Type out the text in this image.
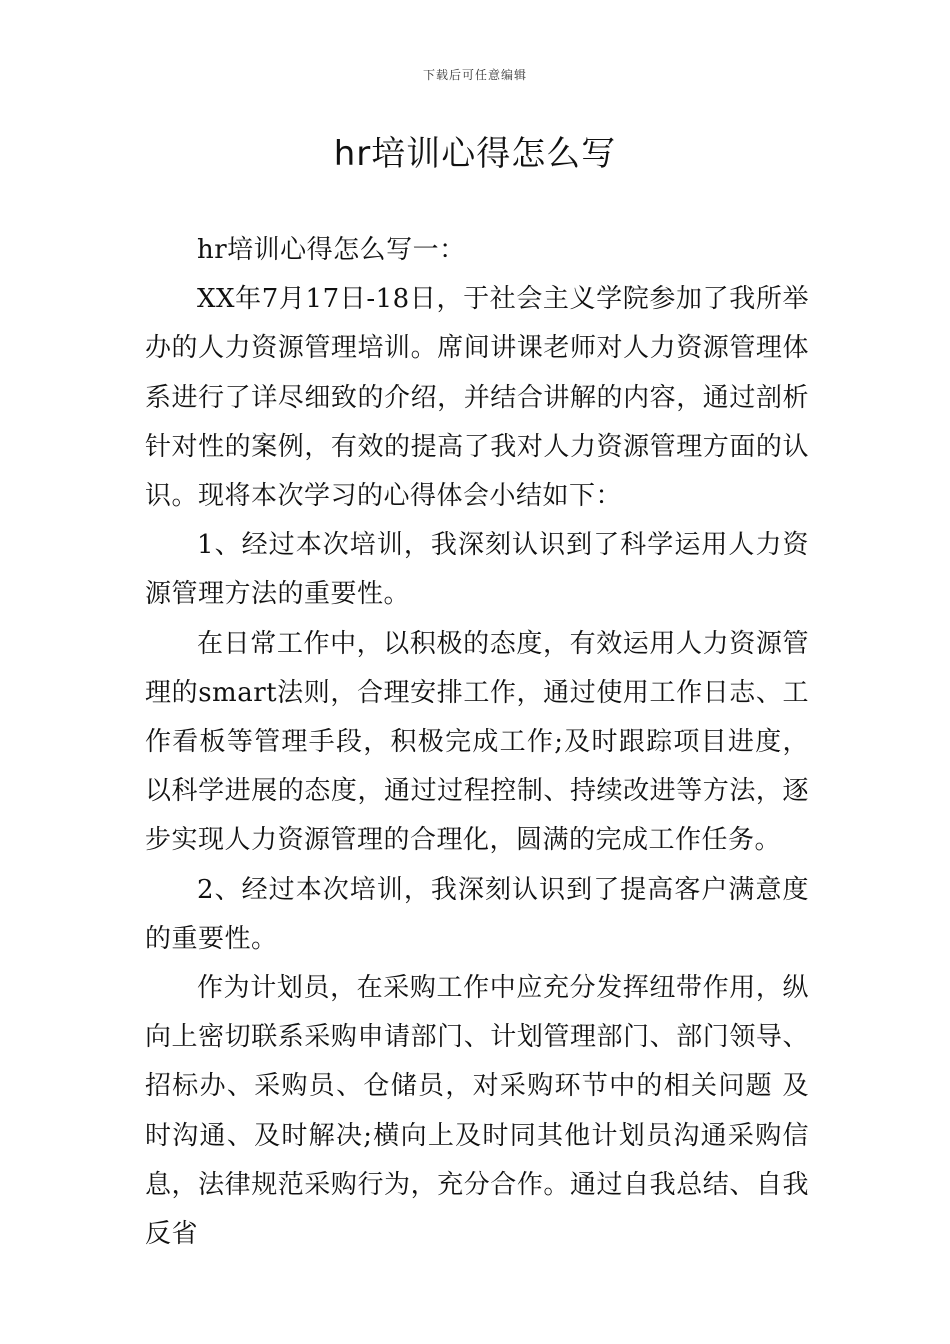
下载后可任意编辑
hr培训心得怎么写

hr培训心得怎么写一：

XX年7月17日-18日，于社会主义学院参加了我所举办的人力资源管理培训。席间讲课老师对人力资源管理体系进行了详尽细致的介绍，并结合讲解的内容，通过剖析针对性的案例，有效的提高了我对人力资源管理方面的认识。现将本次学习的心得体会小结如下：

1、经过本次培训，我深刻认识到了科学运用人力资源管理方法的重要性。

在日常工作中，以积极的态度，有效运用人力资源管理的smart法则，合理安排工作，通过使用工作日志、工作看板等管理手段，积极完成工作;及时跟踪项目进度，以科学进展的态度，通过过程控制、持续改进等方法，逐步实现人力资源管理的合理化，圆满的完成工作任务。

2、经过本次培训，我深刻认识到了提高客户满意度的重要性。

作为计划员，在采购工作中应充分发挥纽带作用，纵向上密切联系采购申请部门、计划管理部门、部门领导、招标办、采购员、仓储员，对采购环节中的相关问题 及时沟通、及时解决;横向上及时同其他计划员沟通采购信息，法律规范采购行为，充分合作。通过自我总结、自我反省
